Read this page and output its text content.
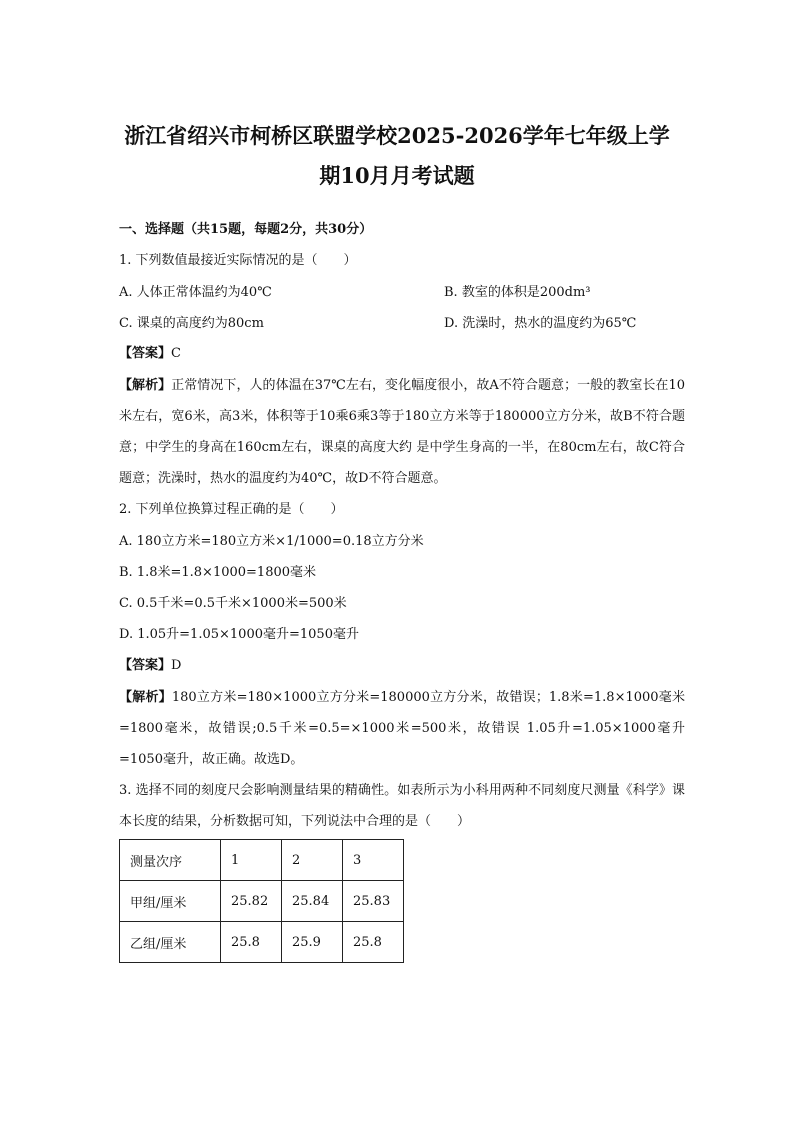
浙江省绍兴市柯桥区联盟学校2025-2026学年七年级上学
期10月月考试题
一、选择题（共15题，每题2分，共30分）
1. 下列数值最接近实际情况的是（　　）
A. 人体正常体温约为40℃	B. 教室的体积是200dm³
C. 课桌的高度约为80cm	D. 洗澡时，热水的温度约为65℃
【答案】C
【解析】正常情况下，人的体温在37℃左右，变化幅度很小，故A不符合题意；一般的教室长在10米左右，宽6米，高3米，体积等于10乘6乘3等于180立方米等于180000立方分米，故B不符合题意；中学生的身高在160cm左右，课桌的高度大约 是中学生身高的一半，在80cm左右，故C符合题意；洗澡时，热水的温度约为40℃，故D不符合题意。
2. 下列单位换算过程正确的是（　　）
A. 180立方米=180立方米×1/1000=0.18立方分米
B. 1.8米=1.8×1000=1800毫米
C. 0.5千米=0.5千米×1000米=500米
D. 1.05升=1.05×1000毫升=1050毫升
【答案】D
【解析】180立方米=180×1000立方分米=180000立方分米，故错误；1.8米=1.8×1000毫米=1800毫米，故错误;0.5千米=0.5=×1000米=500米，故错误 1.05升=1.05×1000毫升=1050毫升，故正确。故选D。
3. 选择不同的刻度尺会影响测量结果的精确性。如表所示为小科用两种不同刻度尺测量《科学》课本长度的结果，分析数据可知，下列说法中合理的是（　　）
测量次序	1	2	3
甲组/厘米	25.82	25.84	25.83
乙组/厘米	25.8	25.9	25.8
